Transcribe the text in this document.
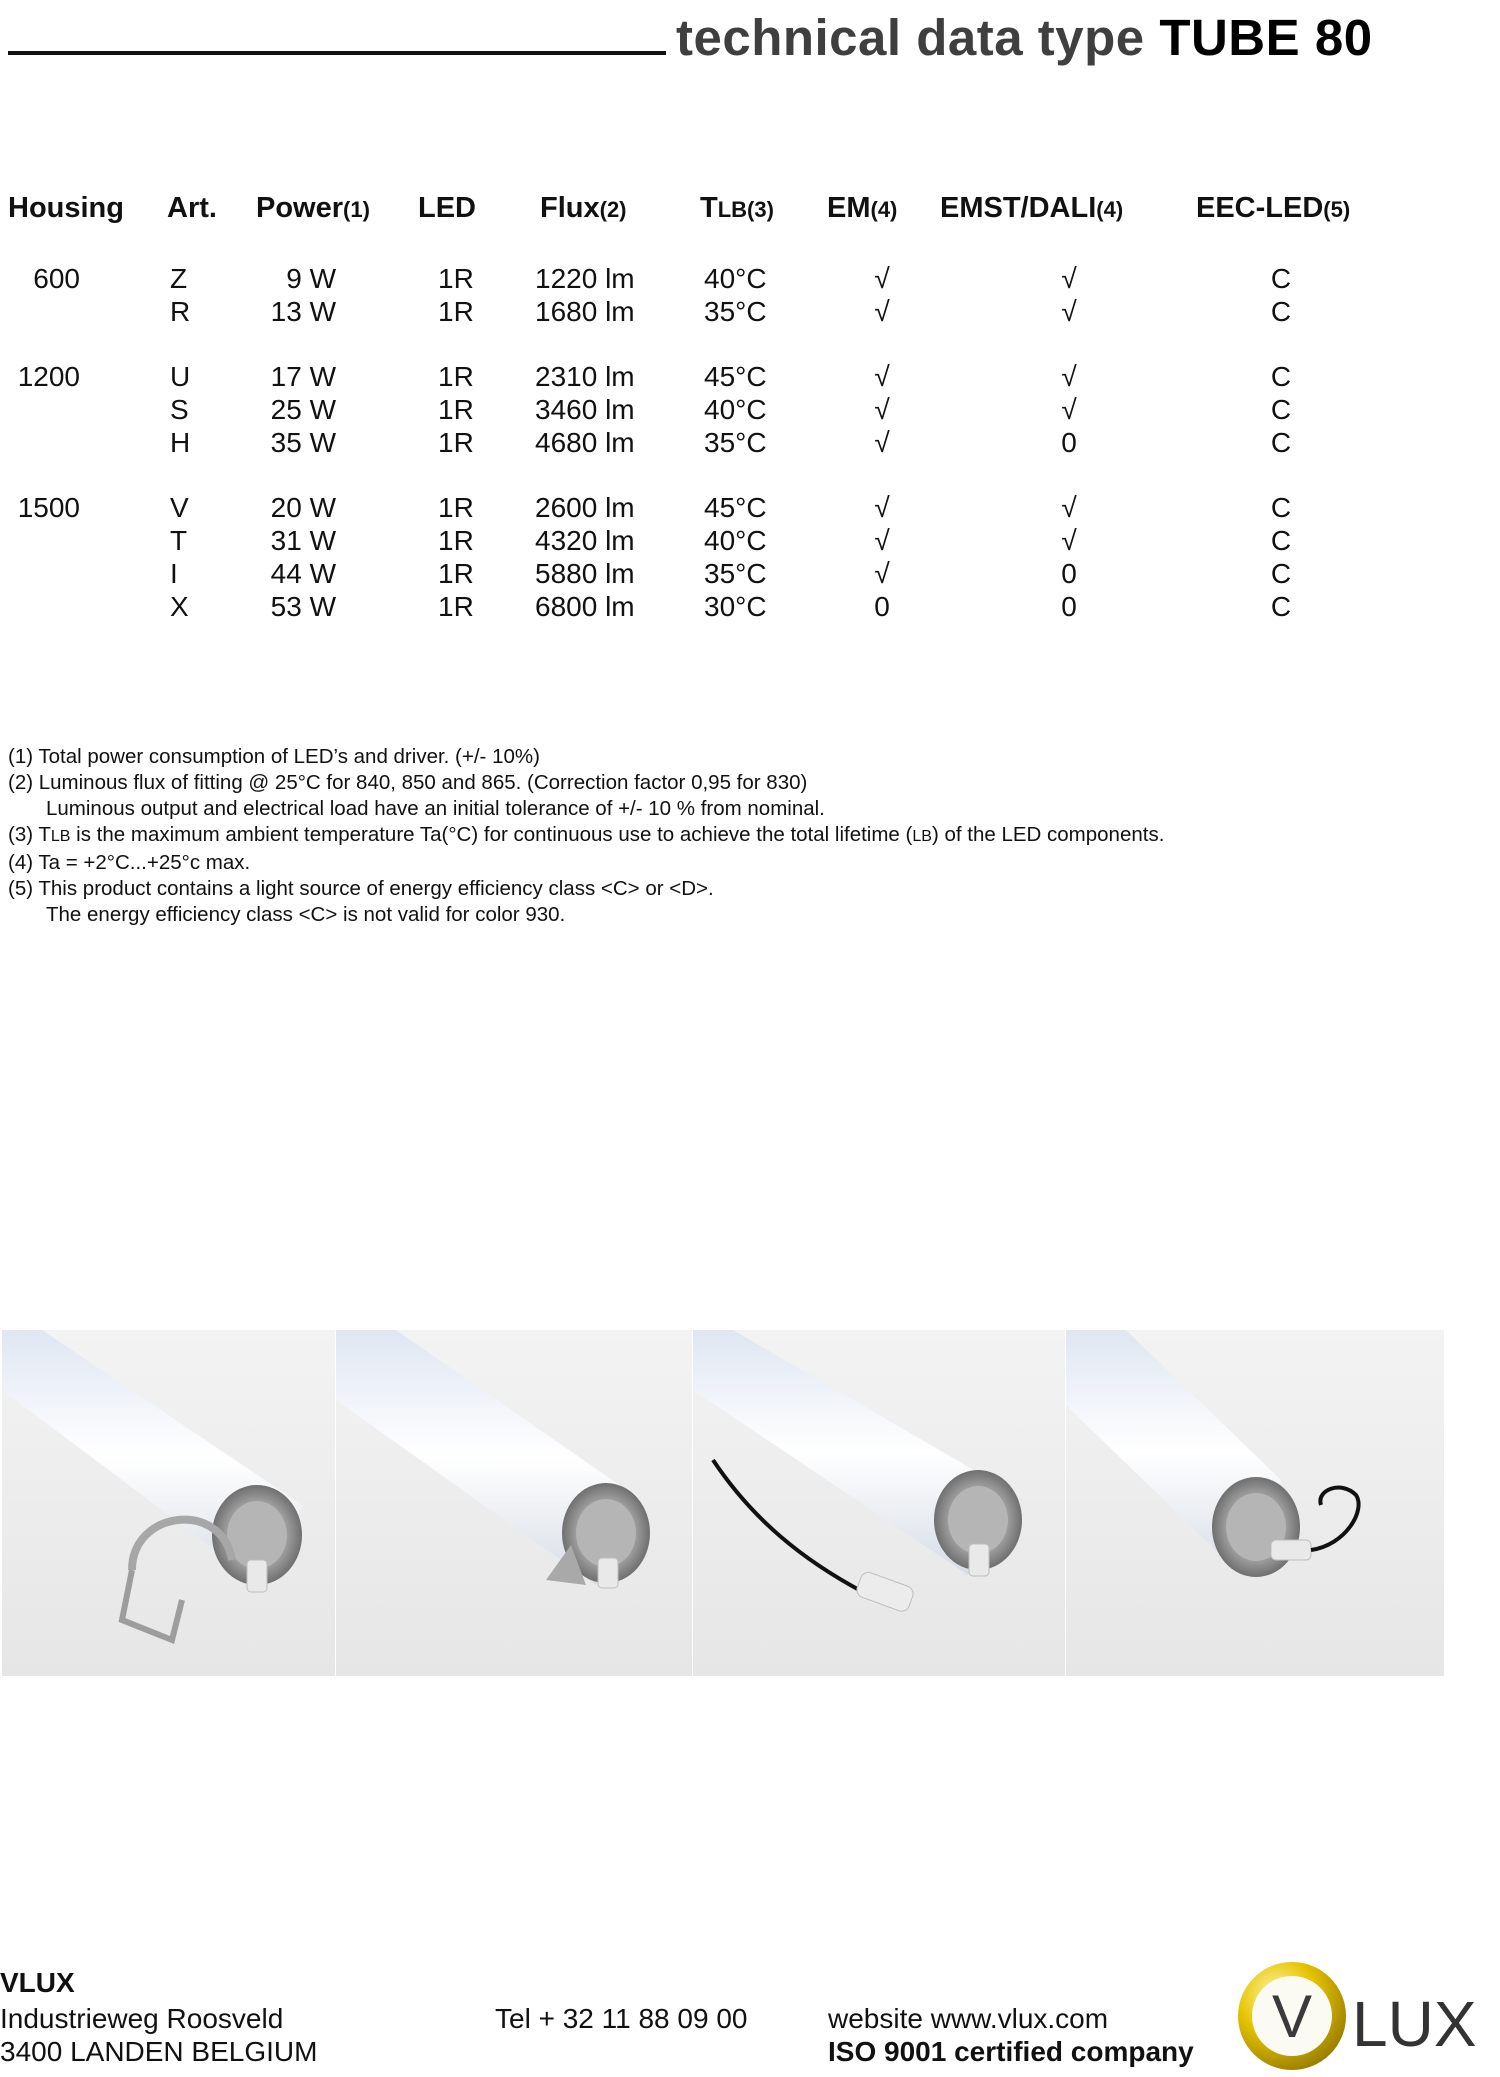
technical data type TUBE 80
Housing Art. Power(1) LED Flux(2)	TLB(3) EM(4) EMST/DALI(4)	EEC-LED(5)
600	Z	9 W	1R 1220 lm 40°C	√	√	C
R	13 W	1R 1680 lm 35°C	√	√	C
1200	U	17 W	1R 2310 lm 45°C	√	√	C
S	25 W	1R 3460 lm 40°C	√	√	C
H	35 W	1R 4680 lm 35°C	√	0	C
1500	V	20 W	1R 2600 lm 45°C	√	√	C
T	31 W	1R 4320 lm 40°C	√	√	C
I	44 W	1R 5880 lm 35°C	√	0	C
X	53 W	1R 6800 lm 30°C	0	0	C
(1) Total power consumption of LED’s and driver. (+/- 10%)
(2) Luminous flux of fitting @ 25°C for 840, 850 and 865. (Correction factor 0,95 for 830)
Luminous output and electrical load have an initial tolerance of +/- 10 % from nominal.
(3) TLB is the maximum ambient temperature Ta(°C) for continuous use to achieve the total lifetime (LB) of the LED components.
(4) Ta = +2°C...+25°c max.
(5) This product contains a light source of energy efficiency class <C> or <D>.
The energy efficiency class <C> is not valid for color 930.
VLUX
Industrieweg Roosveld
3400 LANDEN BELGIUM
Tel + 32 11 88 09 00	website www.vlux.com
ISO 9001 certified company
V LUX
